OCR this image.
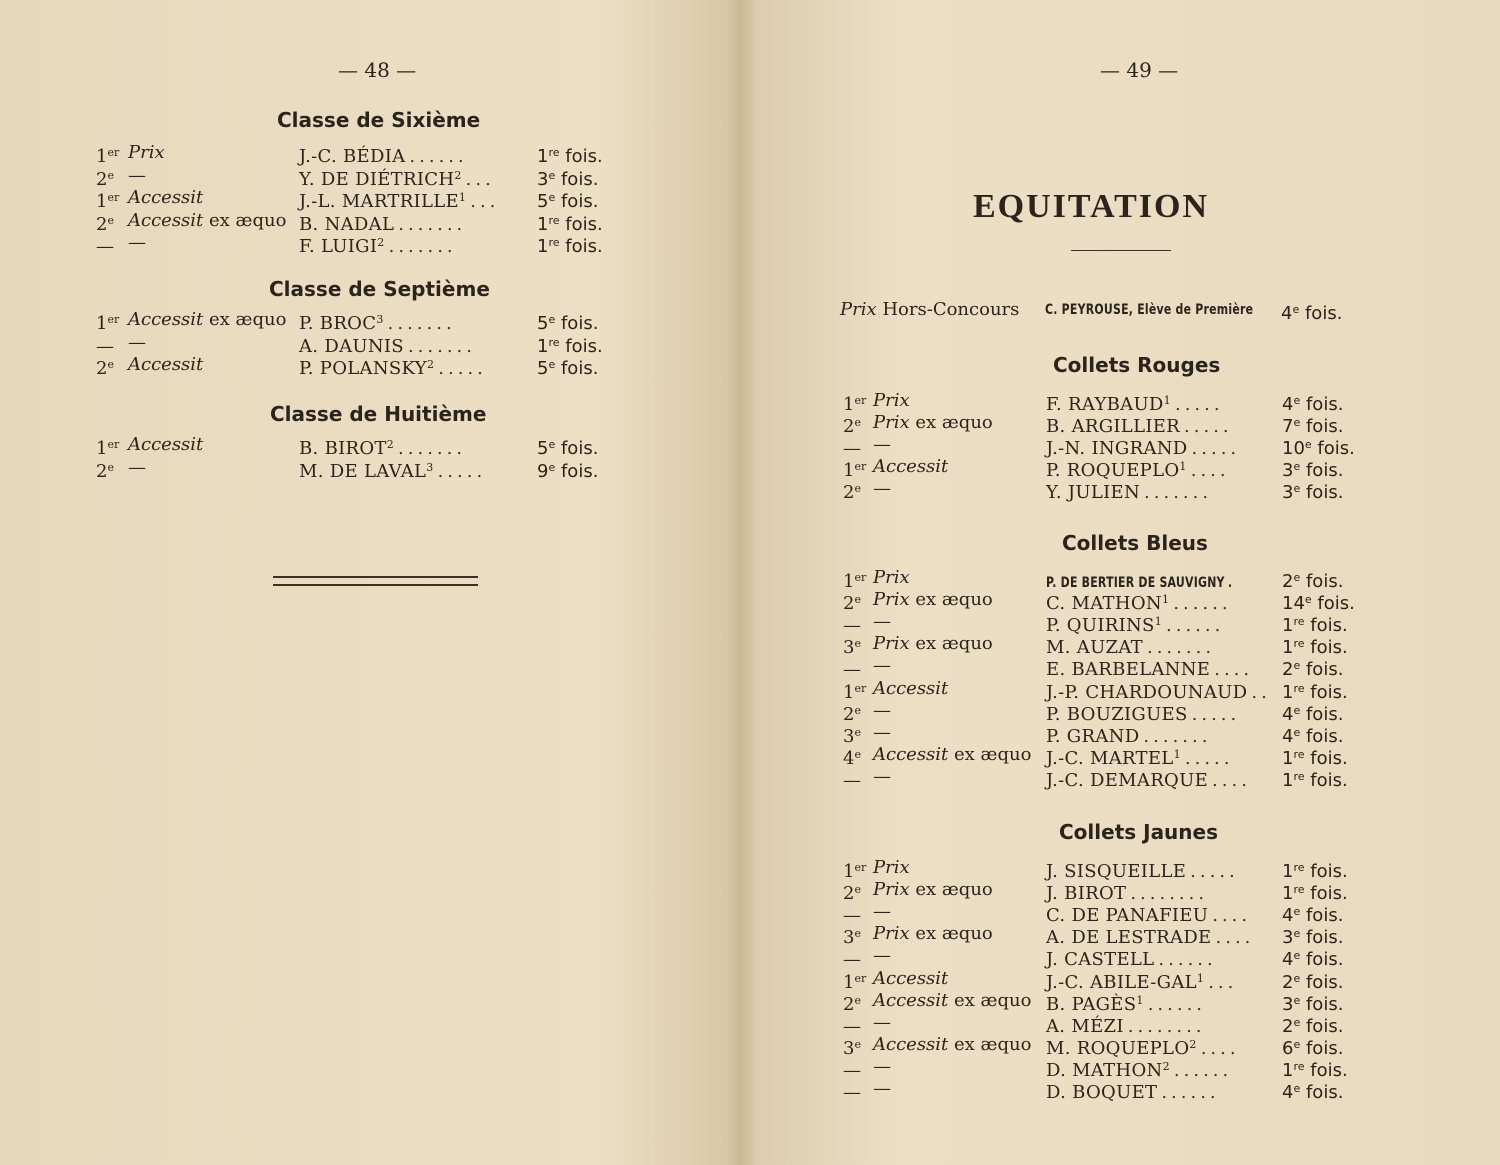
— 48 —
Classe de Sixième
1er Prix	J.-C. BÉDIA ......	1re fois.
2e —	Y. DE DIÉTRICH$^2$ ... 3e fois.
1er Accessit	J.-L. MARTRILLE$^1$ ... 5e fois.
2e Accessit ex æquo B. NADAL .......	1re fois.
— —	F. LUIGI$^2$ .......	1re fois.
Classe de Septième
1er Accessit ex æquo P. BROC$^3$ .......	5e fois.
— —	A. DAUNIS .......	1re fois.
2e Accessit	P. POLANSKY$^2$ .....	5e fois.
Classe de Huitième
1er Accessit	B. BIROT$^2$ .......	5e fois.
2e —	M. DE LAVAL$^3$ .....	9e fois.
— 49 —
EQUITATION
Prix Hors-Concours C. PEYROUSE, Elève de Première 4e fois.
Collets Rouges
1er Prix	F. RAYBAUD$^1$ .....	4e fois.
2e Prix ex æquo	B. ARGILLIER .....	7e fois.
— —	J.-N. INGRAND ..... 10e fois.
1er Accessit	P. ROQUEPLO$^1$ ....	3e fois.
2e —	Y. JULIEN .......	3e fois.
Collets Bleus
1er Prix	P. DE BERTIER DE SAUVIGNY .	2e fois.
2e Prix ex æquo	C. MATHON$^1$ ......	14e fois.
— —	P. QUIRINS$^1$ ......	1re fois.
3e Prix ex æquo	M. AUZAT .......	1re fois.
— —	E. BARBELANNE .... 2e fois.
1er Accessit	J.-P. CHARDOUNAUD .. 1re fois.
2e —	P. BOUZIGUES ..... 4e fois.
3e —	P. GRAND .......	4e fois.
4e Accessit ex æquo J.-C. MARTEL$^1$ .....	1re fois.
— —	J.-C. DEMARQUE .... 1re fois.
Collets Jaunes
1er Prix	J. SISQUEILLE ..... 1re fois.
2e Prix ex æquo	J. BIROT ........	1re fois.
— —	C. DE PANAFIEU .... 4e fois.
3e Prix ex æquo	A. DE LESTRADE .... 3e fois.
— —	J. CASTELL ......	4e fois.
1er Accessit	J.-C. ABILE-GAL$^1$ ... 2e fois.
2e Accessit ex æquo B. PAGÈS$^1$ ......	3e fois.
— —	A. MÉZI ........	2e fois.
3e Accessit ex æquo M. ROQUEPLO$^2$ .... 6e fois.
— —	D. MATHON$^2$ ......	1re fois.
— —	D. BOQUET ......	4e fois.
